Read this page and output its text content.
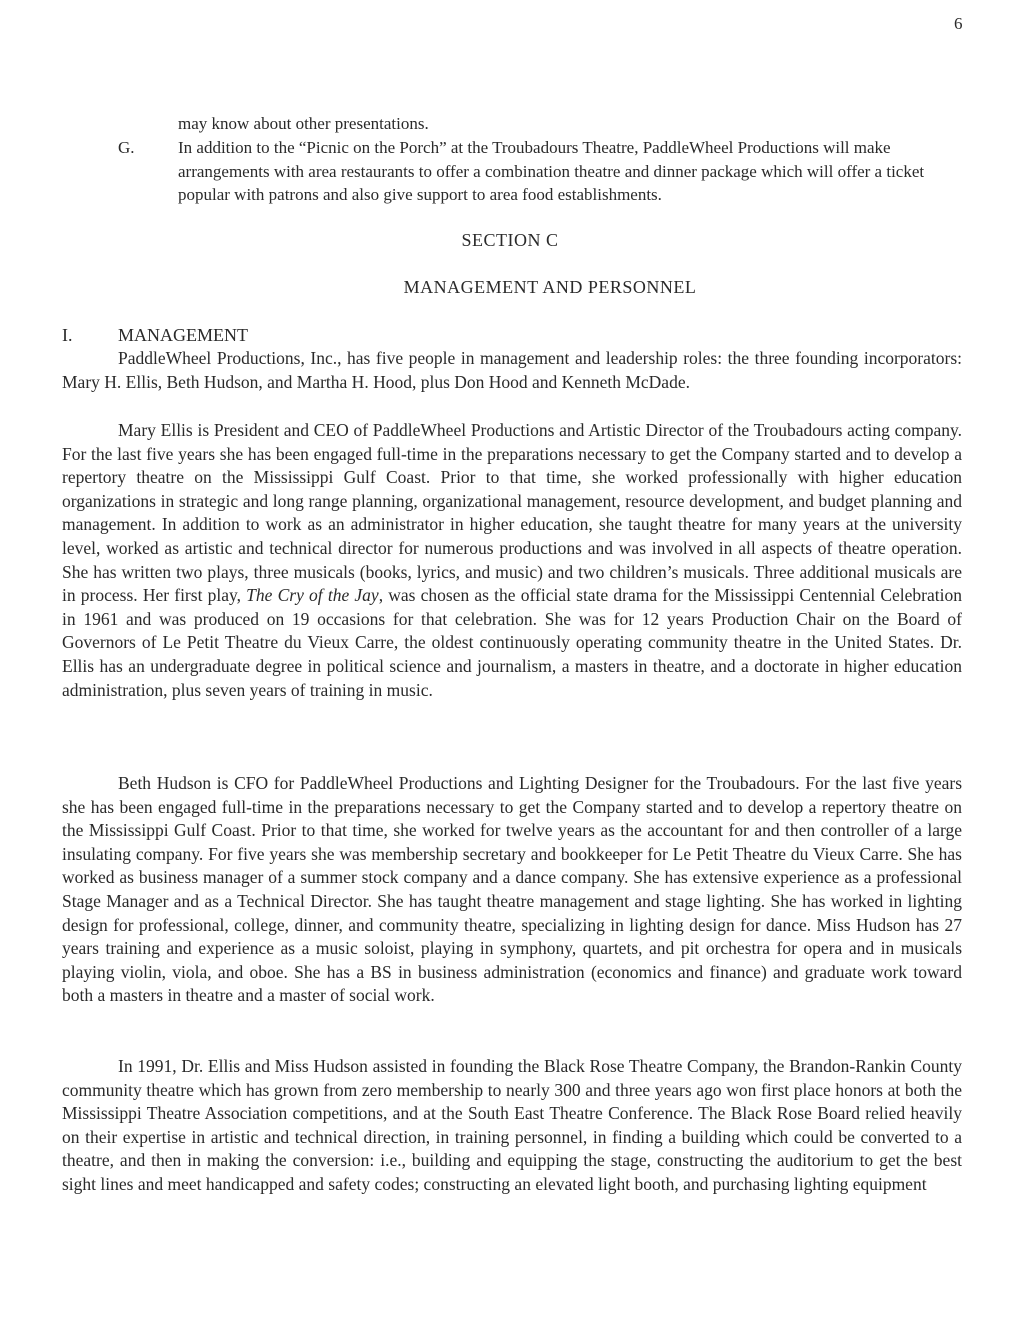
6
may know about other presentations.
G.	In addition to the “Picnic on the Porch” at the Troubadours Theatre, PaddleWheel Productions will make arrangements with area restaurants to offer a combination theatre and dinner package which will offer a ticket popular with patrons and also give support to area food establishments.
SECTION C
MANAGEMENT AND PERSONNEL
I.	MANAGEMENT
PaddleWheel Productions, Inc., has five people in management and leadership roles: the three founding incorporators: Mary H. Ellis, Beth Hudson, and Martha H. Hood, plus Don Hood and Kenneth McDade.
Mary Ellis is President and CEO of PaddleWheel Productions and Artistic Director of the Troubadours acting company. For the last five years she has been engaged full-time in the preparations necessary to get the Company started and to develop a repertory theatre on the Mississippi Gulf Coast. Prior to that time, she worked professionally with higher education organizations in strategic and long range planning, organizational management, resource development, and budget planning and management. In addition to work as an administrator in higher education, she taught theatre for many years at the university level, worked as artistic and technical director for numerous productions and was involved in all aspects of theatre operation. She has written two plays, three musicals (books, lyrics, and music) and two children’s musicals. Three additional musicals are in process. Her first play, The Cry of the Jay, was chosen as the official state drama for the Mississippi Centennial Celebration in 1961 and was produced on 19 occasions for that celebration. She was for 12 years Production Chair on the Board of Governors of Le Petit Theatre du Vieux Carre, the oldest continuously operating community theatre in the United States. Dr. Ellis has an undergraduate degree in political science and journalism, a masters in theatre, and a doctorate in higher education administration, plus seven years of training in music.
Beth Hudson is CFO for PaddleWheel Productions and Lighting Designer for the Troubadours. For the last five years she has been engaged full-time in the preparations necessary to get the Company started and to develop a repertory theatre on the Mississippi Gulf Coast. Prior to that time, she worked for twelve years as the accountant for and then controller of a large insulating company. For five years she was membership secretary and bookkeeper for Le Petit Theatre du Vieux Carre. She has worked as business manager of a summer stock company and a dance company. She has extensive experience as a professional Stage Manager and as a Technical Director. She has taught theatre management and stage lighting. She has worked in lighting design for professional, college, dinner, and community theatre, specializing in lighting design for dance. Miss Hudson has 27 years training and experience as a music soloist, playing in symphony, quartets, and pit orchestra for opera and in musicals playing violin, viola, and oboe. She has a BS in business administration (economics and finance) and graduate work toward both a masters in theatre and a master of social work.
In 1991, Dr. Ellis and Miss Hudson assisted in founding the Black Rose Theatre Company, the Brandon-Rankin County community theatre which has grown from zero membership to nearly 300 and three years ago won first place honors at both the Mississippi Theatre Association competitions, and at the South East Theatre Conference. The Black Rose Board relied heavily on their expertise in artistic and technical direction, in training personnel, in finding a building which could be converted to a theatre, and then in making the conversion: i.e., building and equipping the stage, constructing the auditorium to get the best sight lines and meet handicapped and safety codes; constructing an elevated light booth, and purchasing lighting equipment
